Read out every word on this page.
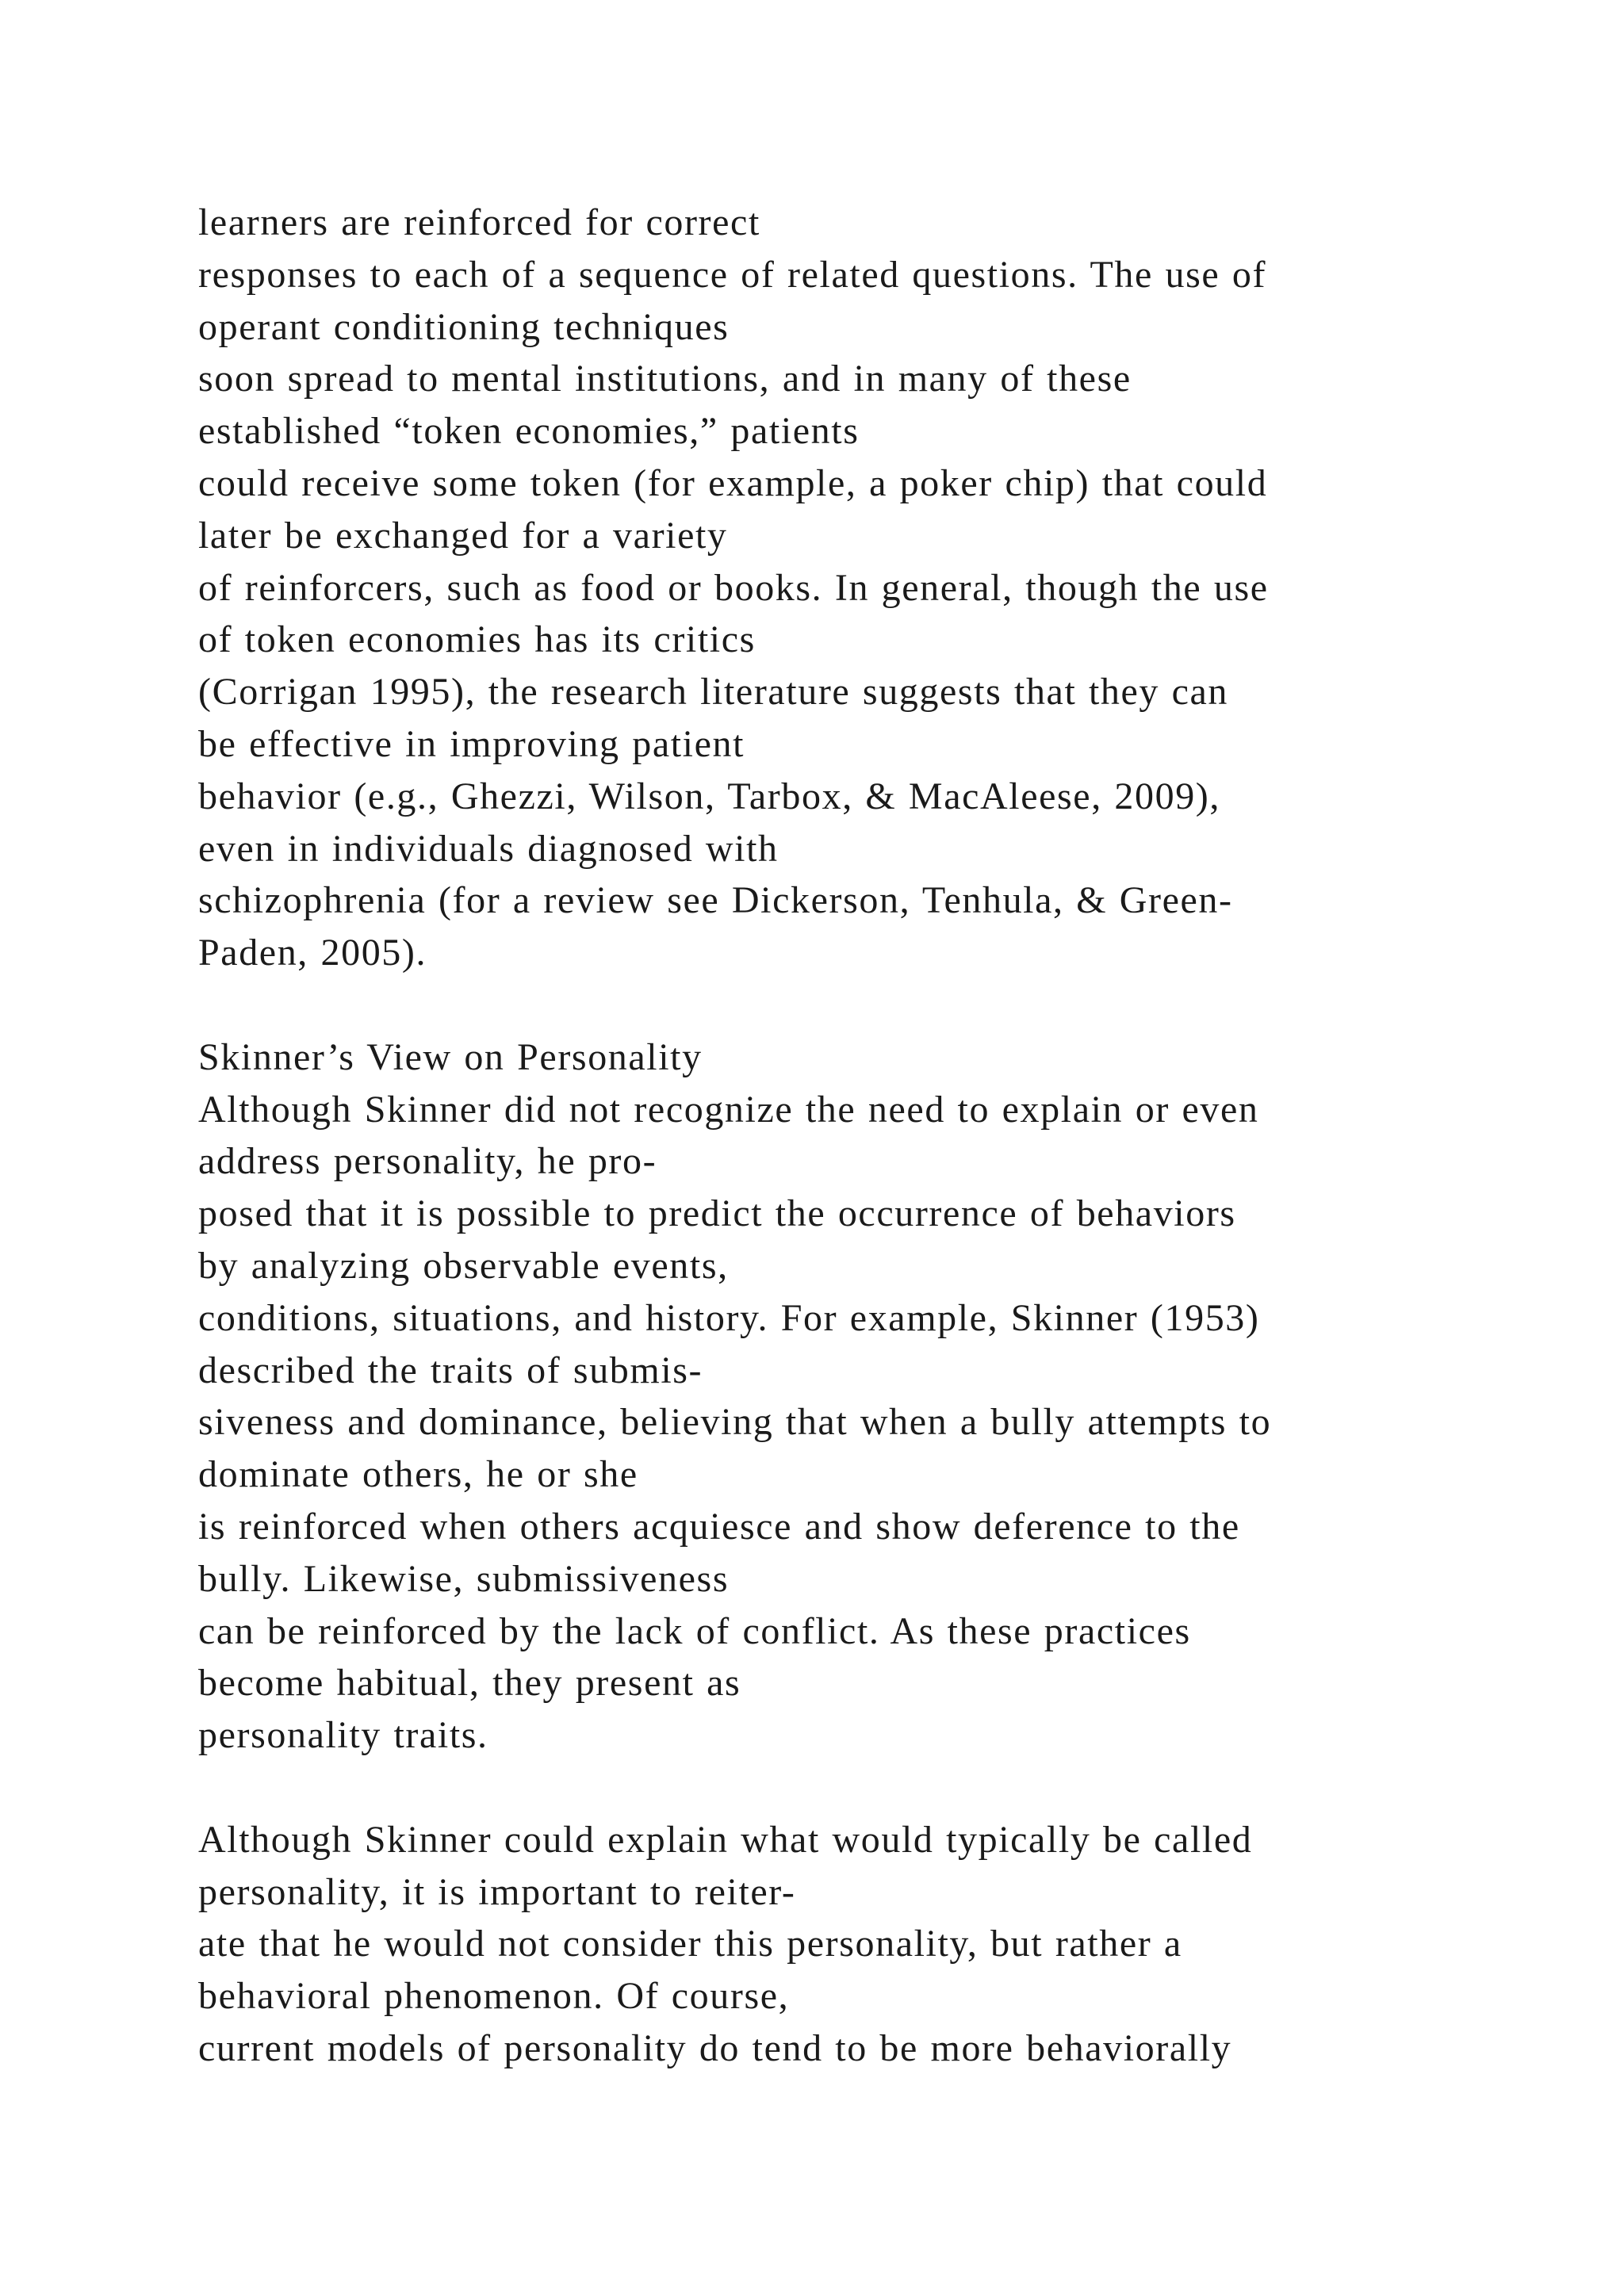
learners are reinforced for correct
responses to each of a sequence of related questions. The use of
operant conditioning techniques
soon spread to mental institutions, and in many of these
established “token economies,” patients
could receive some token (for example, a poker chip) that could
later be exchanged for a variety
of reinforcers, such as food or books. In general, though the use
of token economies has its critics
(Corrigan 1995), the research literature suggests that they can
be effective in improving patient
behavior (e.g., Ghezzi, Wilson, Tarbox, & MacAleese, 2009),
even in individuals diagnosed with
schizophrenia (for a review see Dickerson, Tenhula, & Green-
Paden, 2005).
Skinner’s View on Personality
Although Skinner did not recognize the need to explain or even
address personality, he pro-
posed that it is possible to predict the occurrence of behaviors
by analyzing observable events,
conditions, situations, and history. For example, Skinner (1953)
described the traits of submis-
siveness and dominance, believing that when a bully attempts to
dominate others, he or she
is reinforced when others acquiesce and show deference to the
bully. Likewise, submissiveness
can be reinforced by the lack of conflict. As these practices
become habitual, they present as
personality traits.
Although Skinner could explain what would typically be called
personality, it is important to reiter-
ate that he would not consider this personality, but rather a
behavioral phenomenon. Of course,
current models of personality do tend to be more behaviorally
